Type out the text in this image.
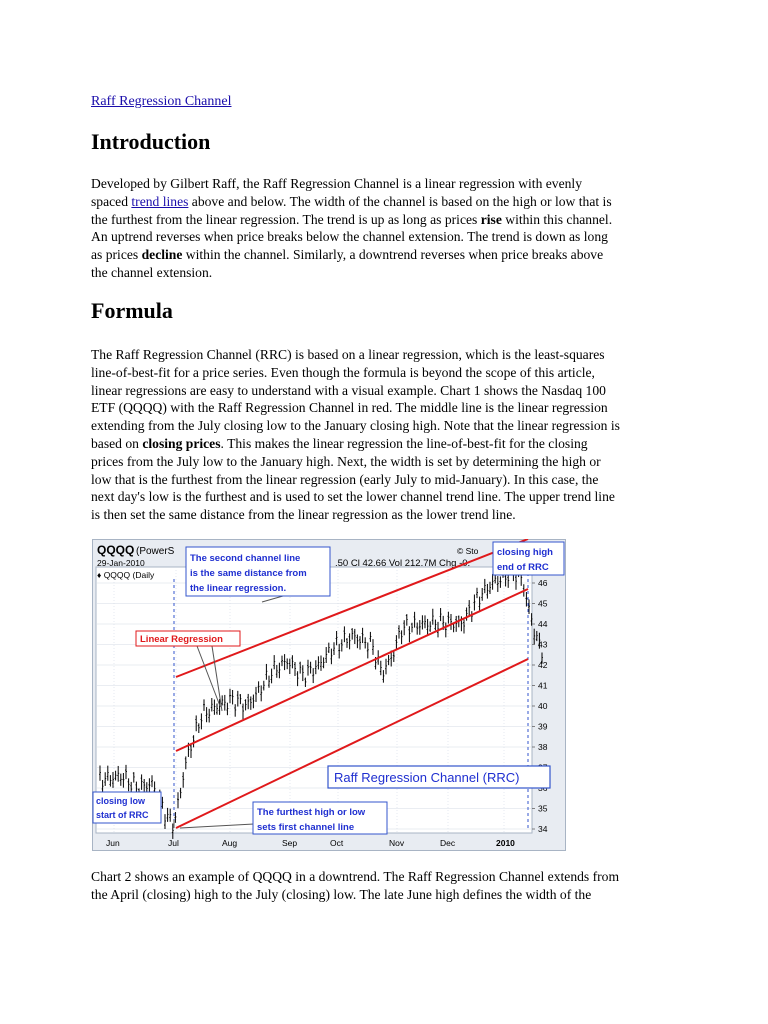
Raff Regression Channel
Introduction
Developed by Gilbert Raff, the Raff Regression Channel is a linear regression with evenly
spaced trend lines above and below. The width of the channel is based on the high or low that is
the furthest from the linear regression. The trend is up as long as prices rise within this channel.
An uptrend reverses when price breaks below the channel extension. The trend is down as long
as prices decline within the channel. Similarly, a downtrend reverses when price breaks above
the channel extension.
Formula
The Raff Regression Channel (RRC) is based on a linear regression, which is the least-squares
line-of-best-fit for a price series. Even though the formula is beyond the scope of this article,
linear regressions are easy to understand with a visual example. Chart 1 shows the Nasdaq 100
ETF (QQQQ) with the Raff Regression Channel in red. The middle line is the linear regression
extending from the July closing low to the January closing high. Note that the linear regression is
based on closing prices. This makes the linear regression the line-of-best-fit for the closing
prices from the July low to the January high. Next, the width is set by determining the high or
low that is the furthest from the linear regression (early July to mid-January). In this case, the
next day's low is the furthest and is used to set the lower channel trend line. The upper trend line
is then set the same distance from the linear regression as the lower trend line.
Chart 2 shows an example of QQQQ in a downtrend. The Raff Regression Channel extends from
the April (closing) high to the July (closing) low. The late June high defines the width of the
QQQQ (PowerS
29-Jan-2010
♦ QQQQ (Daily
.50 Cl 42.66 Vol 212.7M Chg -0.
© Sto
46
45
44
43
42
41
40
39
38
35
34
Jun	Jul	Aug	Sep	Oct	Nov	Dec	2010
The second channel line
is the same distance from
the linear regression.
closing high
end of RRC
Linear Regression
Raff Regression Channel (RRC)
closing low
start of RRC	The furthest high or low
sets first channel line
